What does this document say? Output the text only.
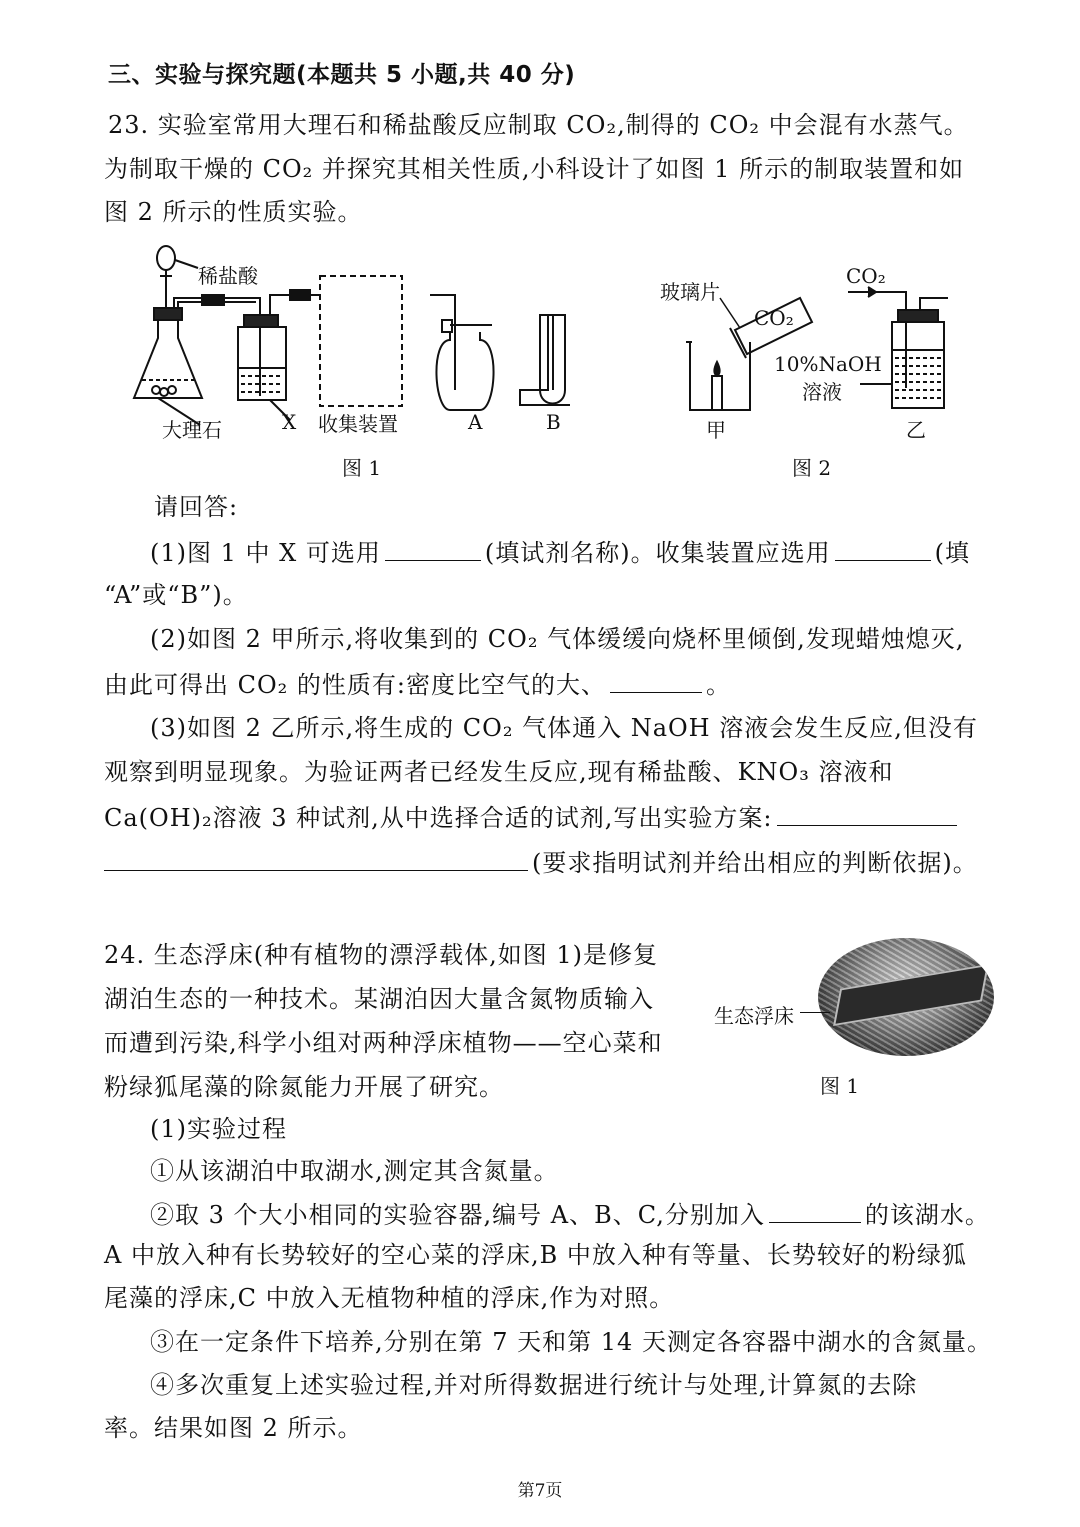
三、实验与探究题(本题共 5 小题,共 40 分)
23. 实验室常用大理石和稀盐酸反应制取 CO₂,制得的 CO₂ 中会混有水蒸气。
为制取干燥的 CO₂ 并探究其相关性质,小科设计了如图 1 所示的制取装置和如
图 2 所示的性质实验。
稀盐酸
大理石	X 收集装置	A	B
图 1
玻璃片
CO₂
CO₂
10%NaOH
溶液
甲	乙
图 2
请回答:
(1)图 1 中 X 可选用	(填试剂名称)。收集装置应选用	(填
“A”或“B”)。
(2)如图 2 甲所示,将收集到的 CO₂ 气体缓缓向烧杯里倾倒,发现蜡烛熄灭,
由此可得出 CO₂ 的性质有:密度比空气的大、	。
(3)如图 2 乙所示,将生成的 CO₂ 气体通入 NaOH 溶液会发生反应,但没有
观察到明显现象。为验证两者已经发生反应,现有稀盐酸、KNO₃ 溶液和
Ca(OH)₂溶液 3 种试剂,从中选择合适的试剂,写出实验方案:
(要求指明试剂并给出相应的判断依据)。
24. 生态浮床(种有植物的漂浮载体,如图 1)是修复
湖泊生态的一种技术。某湖泊因大量含氮物质输入
而遭到污染,科学小组对两种浮床植物——空心菜和
粉绿狐尾藻的除氮能力开展了研究。
生态浮床
图 1
(1)实验过程
①从该湖泊中取湖水,测定其含氮量。
②取 3 个大小相同的实验容器,编号 A、B、C,分别加入	的该湖水。
A 中放入种有长势较好的空心菜的浮床,B 中放入种有等量、长势较好的粉绿狐
尾藻的浮床,C 中放入无植物种植的浮床,作为对照。
③在一定条件下培养,分别在第 7 天和第 14 天测定各容器中湖水的含氮量。
④多次重复上述实验过程,并对所得数据进行统计与处理,计算氮的去除
率。结果如图 2 所示。
第7页
